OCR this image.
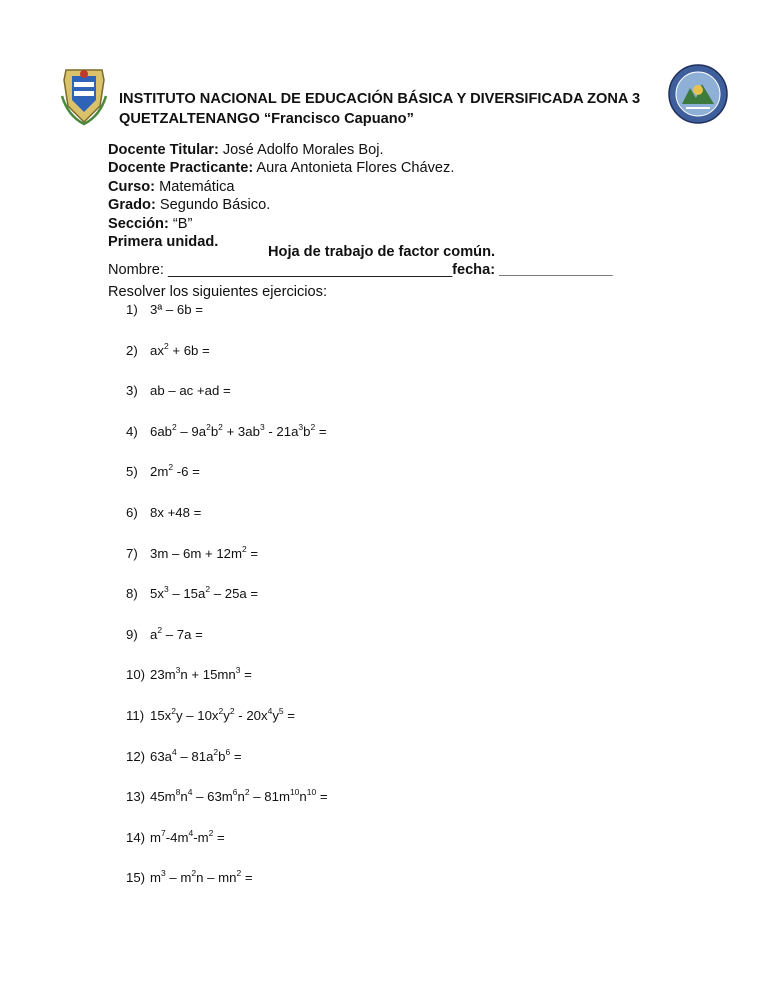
INSTITUTO NACIONAL DE EDUCACIÓN BÁSICA Y DIVERSIFICADA ZONA 3
QUETZALTENANGO “Francisco Capuano”
Docente Titular: José Adolfo Morales Boj.
Docente Practicante: Aura Antonieta Flores Chávez.
Curso: Matemática
Grado: Segundo Básico.
Sección: “B”
Primera unidad.
Hoja de trabajo de factor común.
Nombre: ___________________________________fecha: ______________
Resolver los siguientes ejercicios:
1) 3ª – 6b =
2) $ax^2 + 6b$ =
3) ab – ac +ad =
4) $6ab^2 - 9a^2b^2 + 3ab^3 - 21a^3b^2$ =
5) $2m^2$ -6 =
6) 8x +48 =
7) $3m - 6m + 12m^2$ =
8) $5x^3 - 15a^2 - 25a$ =
9) $a^2 - 7a$ =
10) $23m^3n + 15mn^3$ =
11) $15x^2y - 10x^2y^2 - 20x^4y^5$ =
12) $63a^4 - 81a^2b^6$ =
13) $45m^8n^4 - 63m^6n^2 - 81m^{10}n^{10}$ =
14) $m^7-4m^4-m^2$ =
15) $m^3 - m^2n - mn^2$ =
